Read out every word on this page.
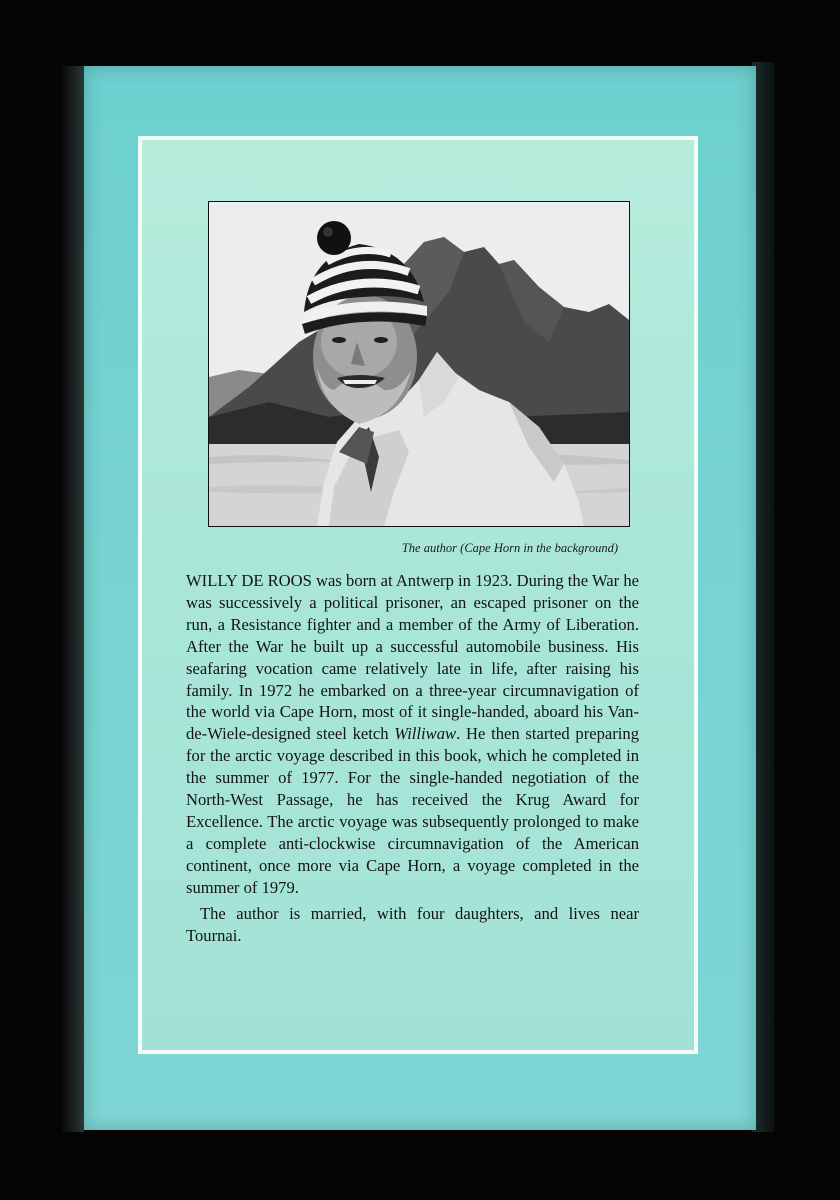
The author (Cape Horn in the background)

WILLY DE ROOS was born at Antwerp in 1923. During the War he was successively a political prisoner, an escaped prisoner on the run, a Resistance fighter and a member of the Army of Liberation. After the War he built up a successful automobile business. His seafaring vocation came relatively late in life, after raising his family. In 1972 he embarked on a three-year circumnavigation of the world via Cape Horn, most of it single-handed, aboard his Van-de-Wiele-designed steel ketch Williwaw. He then started preparing for the arctic voyage described in this book, which he completed in the summer of 1977. For the single-handed negotiation of the North-West Passage, he has received the Krug Award for Excellence. The arctic voyage was subsequently prolonged to make a complete anti-clockwise circumnavigation of the American continent, once more via Cape Horn, a voyage completed in the summer of 1979.

The author is married, with four daughters, and lives near Tournai.
